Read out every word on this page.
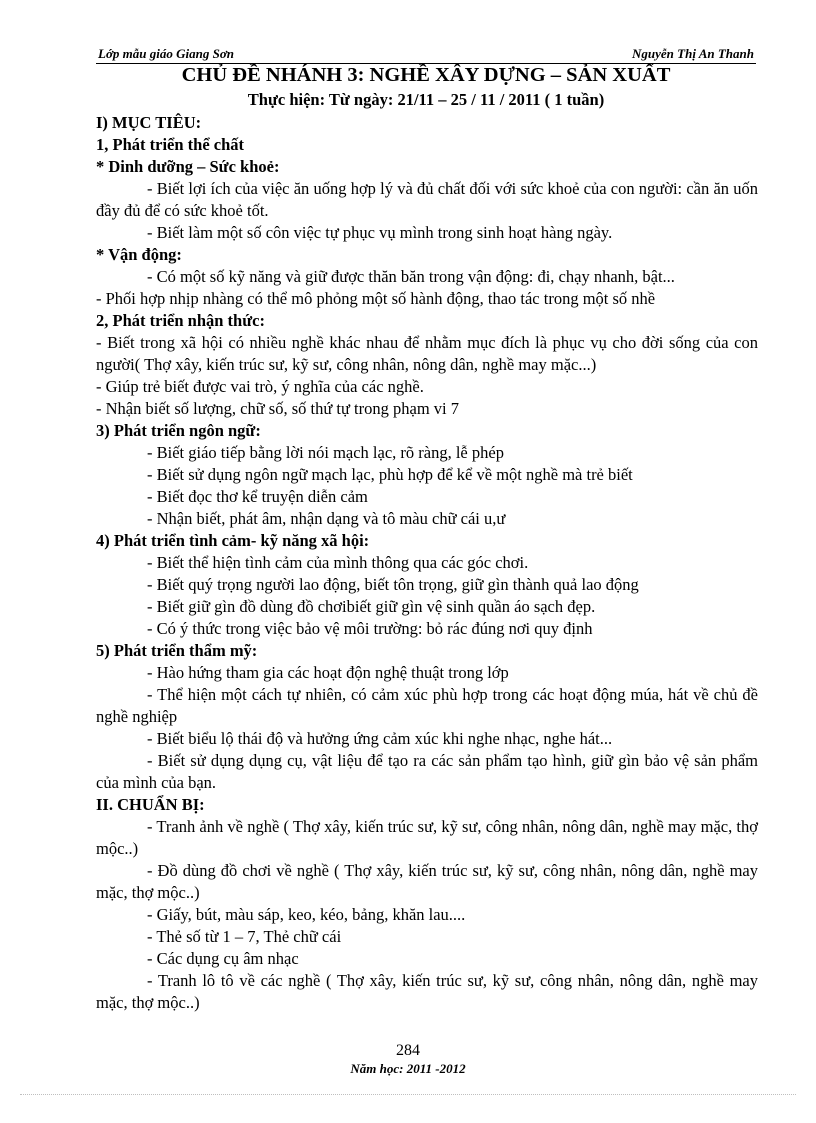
Lớp mẫu giáo Giang Sơn	Nguyễn Thị An Thanh
CHỦ ĐỀ NHÁNH 3: NGHỀ XÂY DỰNG – SẢN XUẤT
Thực hiện: Từ ngày: 21/11 – 25 / 11 / 2011 ( 1 tuần)

I) MỤC TIÊU:

1, Phát triển thể chất

* Dinh dưỡng – Sức khoẻ:

- Biết lợi ích của việc ăn uống hợp lý và đủ chất đối với sức khoẻ của con người: cần ăn uốn đầy đủ để có sức khoẻ tốt.

- Biết làm một số côn việc tự phục vụ mình trong sinh hoạt hàng ngày.

* Vận động:

- Có một số kỹ năng và giữ được thăn băn trong vận động: đi, chạy nhanh, bật...

- Phối hợp nhịp nhàng có thể mô phỏng một số hành động, thao tác trong một số nhề

2, Phát triển nhận thức:

- Biết trong xã hội có nhiều nghề khác nhau để nhằm mục đích là phục vụ cho đời sống của con người( Thợ xây, kiến trúc sư, kỹ sư, công nhân, nông dân, nghề may mặc...)

- Giúp trẻ biết được vai trò, ý nghĩa của các nghề.

- Nhận biết số lượng, chữ số, số thứ tự trong phạm vi 7

3) Phát triển ngôn ngữ:

- Biết giáo tiếp bằng lời nói mạch lạc, rõ ràng, lễ phép

- Biết sử dụng ngôn ngữ mạch lạc, phù hợp để kể về một nghề mà trẻ biết

- Biết đọc thơ kể truyện diễn cảm

- Nhận biết, phát âm, nhận dạng và tô màu chữ cái u,ư

4) Phát triển tình cảm- kỹ năng xã hội:

- Biết thể hiện tình cảm của mình thông qua các góc chơi.

- Biết quý trọng người lao động, biết tôn trọng, giữ gìn thành quả lao động

- Biết giữ gìn đồ dùng đồ chơibiết giữ gìn vệ sinh quần áo sạch đẹp.

- Có ý thức trong việc bảo vệ môi trường: bỏ rác đúng nơi quy định

5) Phát triển thẩm mỹ:

- Hào hứng tham gia các hoạt độn nghệ thuật trong lớp

- Thể hiện một cách tự nhiên, có cảm xúc phù hợp trong các hoạt động múa, hát về chủ đề nghề nghiệp

- Biết biểu lộ thái độ và hưởng ứng cảm xúc khi nghe nhạc, nghe hát...

- Biết sử dụng dụng cụ, vật liệu để tạo ra các sản phẩm tạo hình, giữ gìn bảo vệ sản phẩm của mình của bạn.

II. CHUẨN BỊ:

- Tranh ảnh về nghề ( Thợ xây, kiến trúc sư, kỹ sư, công nhân, nông dân, nghề may mặc, thợ mộc..)

- Đồ dùng đồ chơi về nghề ( Thợ xây, kiến trúc sư, kỹ sư, công nhân, nông dân, nghề may mặc, thợ mộc..)

- Giấy, bút, màu sáp, keo, kéo, bảng, khăn lau....

- Thẻ số từ 1 – 7, Thẻ chữ cái

- Các dụng cụ âm nhạc

- Tranh lô tô về các nghề ( Thợ xây, kiến trúc sư, kỹ sư, công nhân, nông dân, nghề may mặc, thợ mộc..)

284
Năm học: 2011 -2012
